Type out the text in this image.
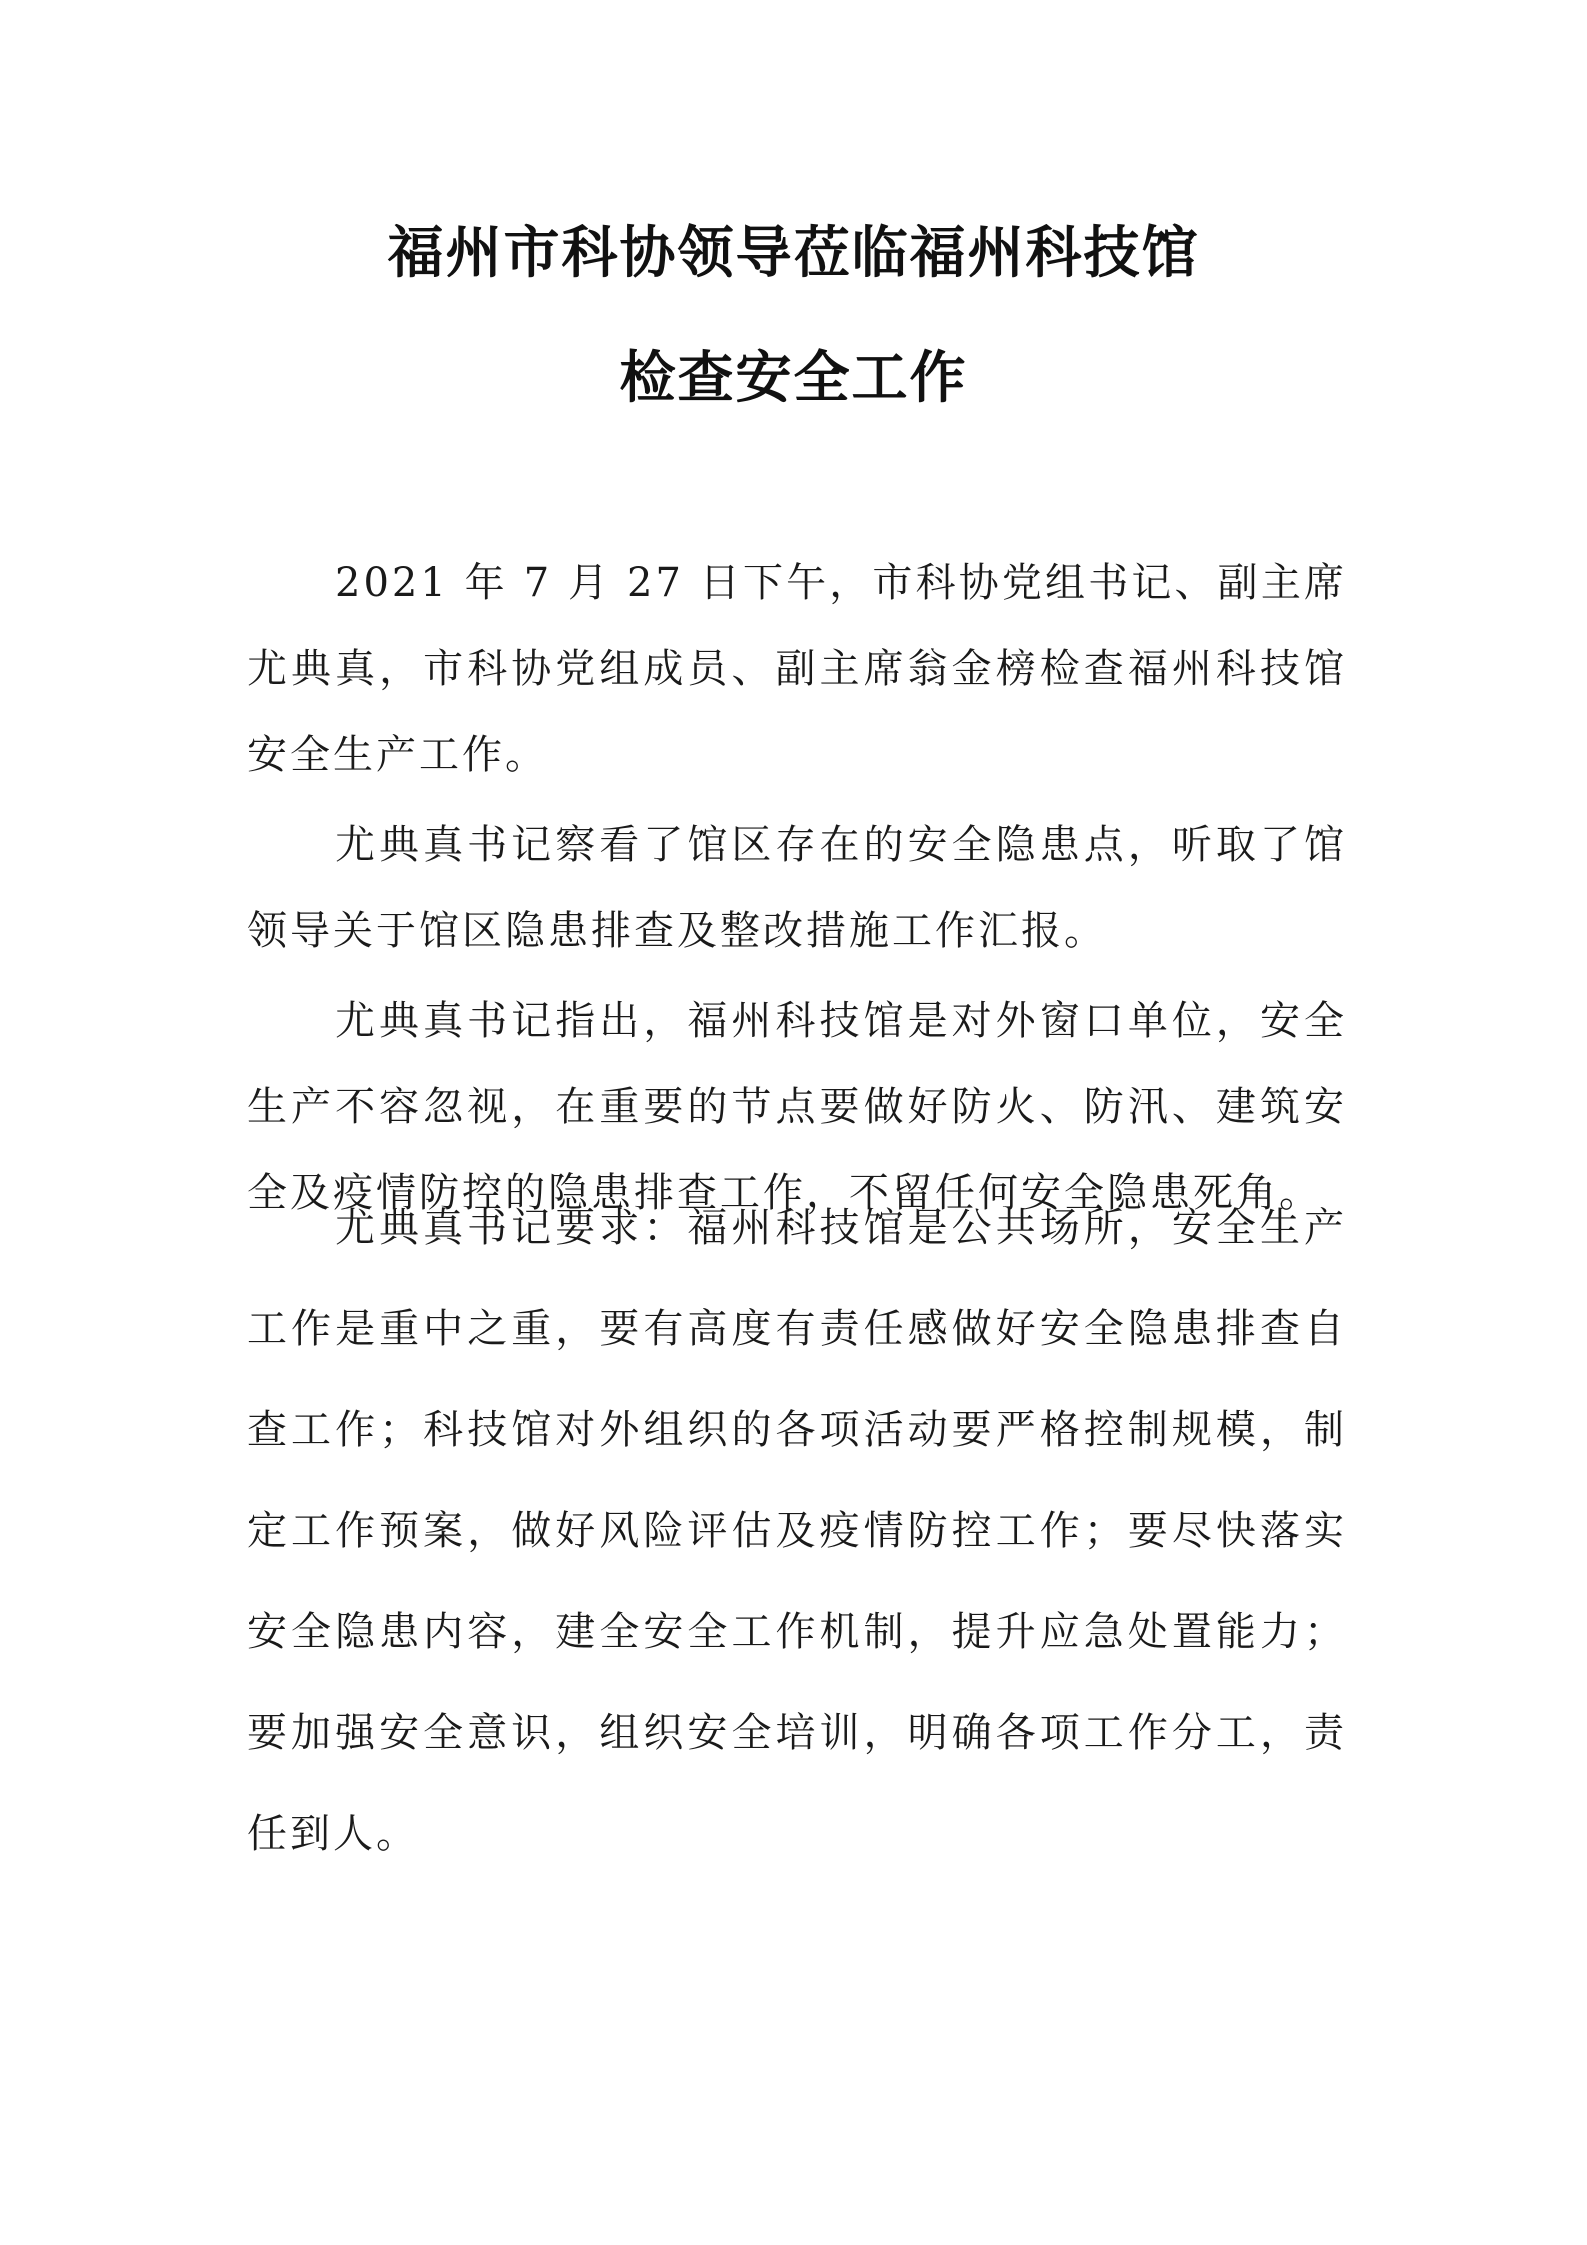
福州市科协领导莅临福州科技馆
检查安全工作

2021 年 7 月 27 日下午，市科协党组书记、副主席尤典真，市科协党组成员、副主席翁金榜检查福州科技馆安全生产工作。

尤典真书记察看了馆区存在的安全隐患点，听取了馆领导关于馆区隐患排查及整改措施工作汇报。

尤典真书记指出，福州科技馆是对外窗口单位，安全生产不容忽视，在重要的节点要做好防火、防汛、建筑安全及疫情防控的隐患排查工作，不留任何安全隐患死角。

尤典真书记要求：福州科技馆是公共场所，安全生产工作是重中之重，要有高度有责任感做好安全隐患排查自查工作；科技馆对外组织的各项活动要严格控制规模，制定工作预案，做好风险评估及疫情防控工作；要尽快落实安全隐患内容，建全安全工作机制，提升应急处置能力；要加强安全意识，组织安全培训，明确各项工作分工，责任到人。
